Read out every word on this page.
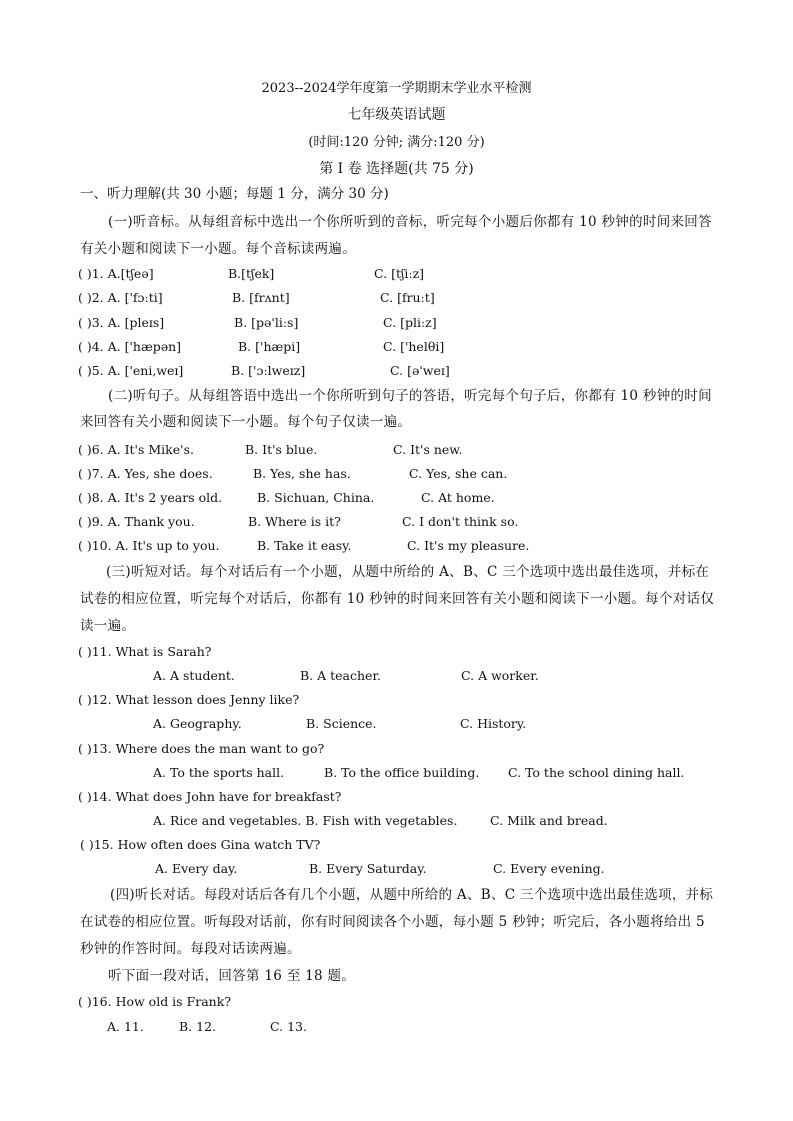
2023--2024学年度第一学期期末学业水平检测
七年级英语试题
(时间:120 分钟; 满分:120 分)
第 I 卷 选择题(共 75 分)
一、听力理解(共 30 小题；每题 1 分，满分 30 分)
(一)听音标。从每组音标中选出一个你所听到的音标，听完每个小题后你都有 10 秒钟的时间来回答
有关小题和阅读下一小题。每个音标读两遍。
( )1. A.[tʃeə]	B.[tʃek]	C. [tʃiːz]
( )2. A. ['fɔːti]	B. [frʌnt]	C. [fruːt]
( )3. A. [pleɪs]	B. [pə'liːs]	C. [pliːz]
( )4. A. ['hæpən]	B. ['hæpi]	C. ['helθi]
( )5. A. ['eni,weɪ]	B. ['ɔːlweɪz]	C. [ə'weɪ]
(二)听句子。从每组答语中选出一个你所听到句子的答语，听完每个句子后，你都有 10 秒钟的时间
来回答有关小题和阅读下一小题。每个句子仅读一遍。
( )6. A. It's Mike's.	B. It's blue.	C. It's new.
( )7. A. Yes, she does.	B. Yes, she has.	C. Yes, she can.
( )8. A. It's 2 years old.	B. Sichuan, China.	C. At home.
( )9. A. Thank you.	B. Where is it?	C. I don't think so.
( )10. A. It's up to you.	B. Take it easy.	C. It's my pleasure.
(三)听短对话。每个对话后有一个小题，从题中所给的 A、B、C 三个选项中选出最佳选项，并标在
试卷的相应位置，听完每个对话后，你都有 10 秒钟的时间来回答有关小题和阅读下一小题。每个对话仅
读一遍。
( )11. What is Sarah?
A. A student.	B. A teacher.	C. A worker.
( )12. What lesson does Jenny like?
A. Geography.	B. Science.	C. History.
( )13. Where does the man want to go?
A. To the sports hall.	B. To the office building. C. To the school dining hall.
( )14. What does John have for breakfast?
A. Rice and vegetables. B. Fish with vegetables.	C. Milk and bread.
( )15. How often does Gina watch TV?
A. Every day.	B. Every Saturday.	C. Every evening.
(四)听长对话。每段对话后各有几个小题，从题中所给的 A、B、C 三个选项中选出最佳选项，并标
在试卷的相应位置。听每段对话前，你有时间阅读各个小题，每小题 5 秒钟；听完后，各小题将给出 5
秒钟的作答时间。每段对话读两遍。
听下面一段对话，回答第 16 至 18 题。
( )16. How old is Frank?
A. 11.	B. 12.	C. 13.
